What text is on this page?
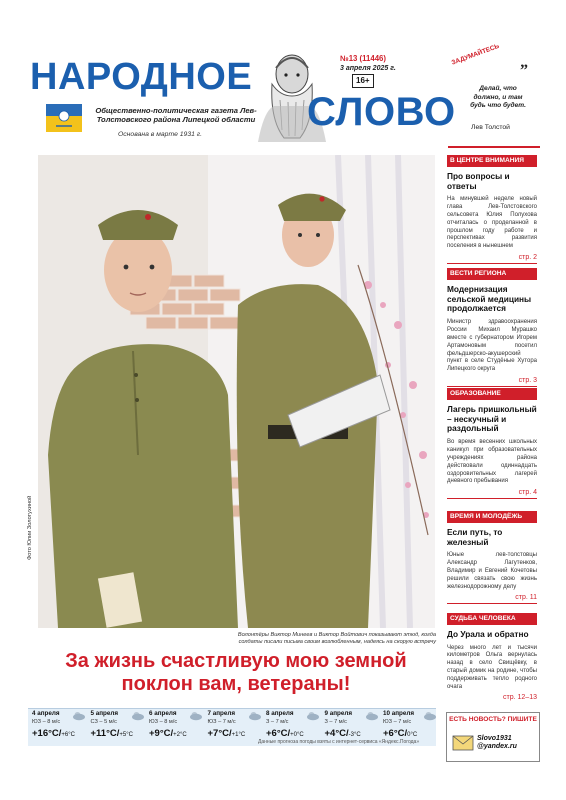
НАРОДНОЕ
СЛОВО
Общественно-политическая газета Лев-Толстовского района Липецкой области
Основана в марте 1931 г.
№13 (11446)
3 апреля 2025 г.
16+
ЗАДУМАЙТЕСЬ
”
Делай, что должно, и там будь что будет.
Лев Толстой
Фото Юлии Золотухиной
Волонтёры Виктор Минеев и Виктор Войтович показывают этюд, когда солдаты писали письма своим возлюбленным, надеясь на скорую встречу
За жизнь счастливую мою земной поклон вам, ветераны!
4 апреля
ЮЗ – 8 м/с
+16°C/+6°C
5 апреля
СЗ – 5 м/с
+11°C/+5°C
6 апреля
ЮЗ – 8 м/с
+9°C/+2°C
7 апреля
ЮЗ – 7 м/с
+7°C/+1°C
8 апреля
З – 7 м/с
+6°C/+0°C
9 апреля
З – 7 м/с
+4°C/-3°C
10 апреля
ЮЗ – 7 м/с
+6°C/0°C
Данные прогноза погоды взяты с интернет-сервиса «Яндекс.Погода»
В ЦЕНТРЕ ВНИМАНИЯ
Про вопросы и ответы
На минувшей неделе новый глава Лев-Толстовского сельсовета Юлия Полухова отчиталась о проделанной в прошлом году работе и перспективах развития поселения в нынешнем
стр. 2
ВЕСТИ РЕГИОНА
Модернизация сельской медицины продолжается
Министр здравоохранения России Михаил Мурашко вместе с губернатором Игорем Артамоновым посетил фельдшерско-акушерский пункт в селе Студёные Хутора Липецкого округа
стр. 3
ОБРАЗОВАНИЕ
Лагерь пришкольный – нескучный и раздольный
Во время весенних школьных каникул при образовательных учреждениях района действовали одиннадцать оздоровительных лагерей дневного пребывания
стр. 4
ВРЕМЯ И МОЛОДЁЖЬ
Если путь, то железный
Юные лев-толстовцы Александр Лагутенков, Владимир и Евгений Кочетовы решили связать свою жизнь железнодорожному делу
стр. 11
СУДЬБА ЧЕЛОВЕКА
До Урала и обратно
Через много лет и тысячи километров Ольга вернулась назад в село Свищёвку, в старый домик на родине, чтобы поддерживать тепло родного очага
стр. 12–13
ЕСТЬ НОВОСТЬ? ПИШИТЕ
Slovo1931 @yandex.ru
